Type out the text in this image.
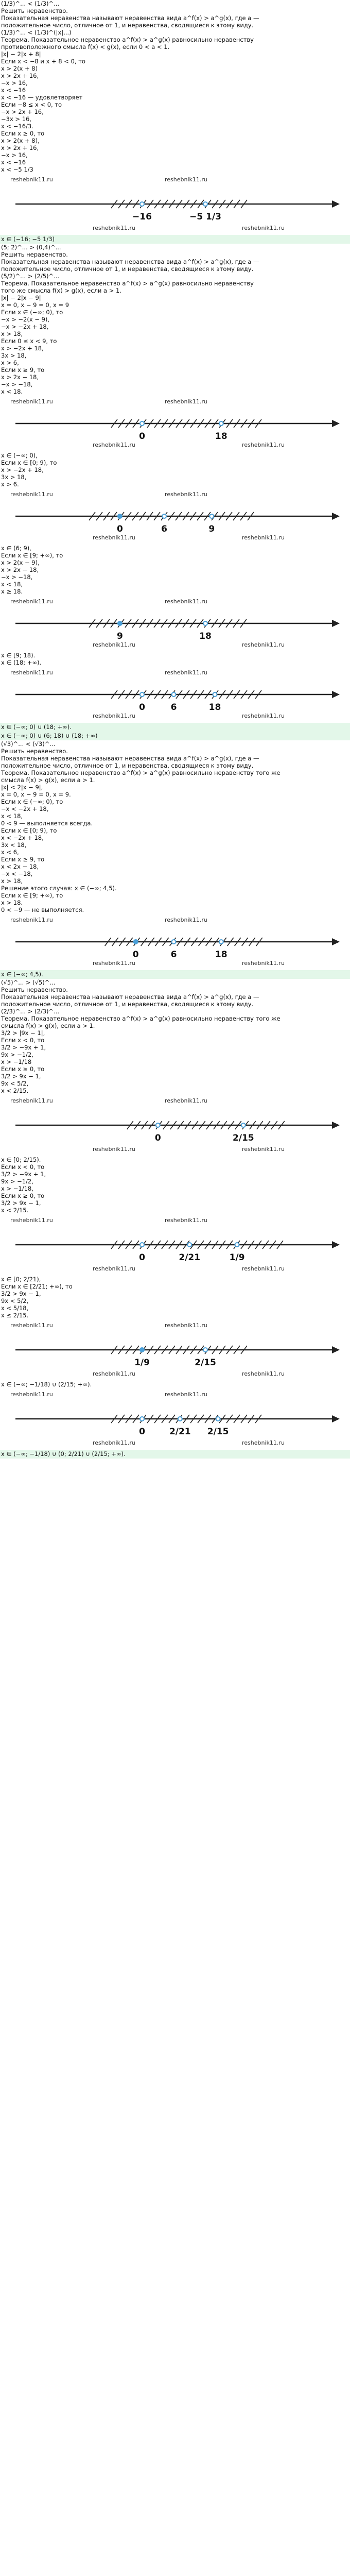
(1/3)^... < (1/3)^...
Решить неравенство.
Показательная неравенства называют неравенства вида a^f(x) > a^g(x), где a —
положительное число, отличное от 1, и неравенства, сводящиеся к этому виду.
(1/3)^... < (1/3)^(|x|...)
Теорема. Показательное неравенство a^f(x) > a^g(x) равносильно неравенству
противоположного смысла f(x) < g(x), если 0 < a < 1.
|x| − 2|x + 8|
Если x < −8 и x + 8 < 0, то
x > 2(x + 8)
x > 2x + 16,
−x > 16,
x < −16
x < −16 — удовлетворяет
Если −8 ≤ x < 0, то
−x > 2x + 16,
−3x > 16,
x < −16/3.
Если x ≥ 0, то
x > 2(x + 8),
x > 2x + 16,
−x > 16,
x < −16
x < −5 1/3
−16	−5 1/3
reshebnik11.ru	reshebnik11.ru
reshebnik11.ru	reshebnik11.ru
x ∈ (−16; −5 1/3)
(5; 2)^... > (0,4)^...
Решить неравенство.
Показательная неравенства называют неравенства вида a^f(x) > a^g(x), где a —
положительное число, отличное от 1, и неравенства, сводящиеся к этому виду.
(5/2)^... > (2/5)^...
Теорема. Показательное неравенство a^f(x) > a^g(x) равносильно неравенству
того же смысла f(x) > g(x), если a > 1.
|x| − 2|x − 9|
x = 0, x − 9 = 0, x = 9
Если x ∈ (−∞; 0), то
−x > −2(x − 9),
−x > −2x + 18,
x > 18,
Если 0 ≤ x < 9, то
x > −2x + 18,
3x > 18,
x > 6,
Если x ≥ 9, то
x > 2x − 18,
−x > −18,
x < 18.
0	18
reshebnik11.ru	reshebnik11.ru
reshebnik11.ru	reshebnik11.ru
x ∈ (−∞; 0),
Если x ∈ [0; 9), то
x > −2x + 18,
3x > 18,
x > 6.
0	6	9
reshebnik11.ru	reshebnik11.ru
reshebnik11.ru	reshebnik11.ru
x ∈ (6; 9),
Если x ∈ [9; +∞), то
x > 2(x − 9),
x > 2x − 18,
−x > −18,
x < 18,
x ≥ 18.
9	18
reshebnik11.ru	reshebnik11.ru
reshebnik11.ru	reshebnik11.ru
x ∈ [9; 18).
x ∈ (18; +∞).
0	6	18
reshebnik11.ru	reshebnik11.ru
reshebnik11.ru	reshebnik11.ru
x ∈ (−∞; 0) ∪ (18; +∞).
x ∈ (−∞; 0) ∪ (6; 18) ∪ (18; +∞)
(√3)^... < (√3)^...
Решить неравенство.
Показательная неравенства называют неравенства вида a^f(x) > a^g(x), где a —
положительное число, отличное от 1, и неравенства, сводящиеся к этому виду.
Теорема. Показательное неравенство a^f(x) > a^g(x) равносильно неравенству того же
смысла f(x) > g(x), если a > 1.
|x| < 2|x − 9|,
x = 0, x − 9 = 0, x = 9.
Если x ∈ (−∞; 0), то
−x < −2x + 18,
x < 18,
0 < 9 — выполняется всегда.
Если x ∈ [0; 9), то
x < −2x + 18,
3x < 18,
x < 6,
Если x ≥ 9, то
x < 2x − 18,
−x < −18,
x > 18,
Решение этого случая: x ∈ (−∞; 4,5).
Если x ∈ [9; +∞), то
x > 18.
0 < −9 — не выполняется.
0	6	18
reshebnik11.ru	reshebnik11.ru
reshebnik11.ru	reshebnik11.ru
x ∈ (−∞; 4,5).
(√5)^... > (√5)^...
Решить неравенство.
Показательная неравенства называют неравенства вида a^f(x) > a^g(x), где a —
положительное число, отличное от 1, и неравенства, сводящиеся к этому виду.
(2/3)^... > (2/3)^...
Теорема. Показательное неравенство a^f(x) > a^g(x) равносильно неравенству того же
смысла f(x) > g(x), если a > 1.
3/2 > |9x − 1|,
Если x < 0, то
3/2 > −9x + 1,
9x > −1/2,
x > −1/18
Если x ≥ 0, то
3/2 > 9x − 1,
9x < 5/2,
x < 2/15.
0	2/15
reshebnik11.ru	reshebnik11.ru
reshebnik11.ru	reshebnik11.ru
x ∈ [0; 2/15).
Если x < 0, то
3/2 > −9x + 1,
9x > −1/2,
x > −1/18,
Если x ≥ 0, то
3/2 > 9x − 1,
x < 2/15.
0	2/21	1/9
reshebnik11.ru	reshebnik11.ru
reshebnik11.ru	reshebnik11.ru
x ∈ [0; 2/21),
Если x ∈ [2/21; +∞), то
3/2 > 9x − 1,
9x < 5/2,
x < 5/18,
x ≤ 2/15.
1/9	2/15
reshebnik11.ru	reshebnik11.ru
reshebnik11.ru	reshebnik11.ru
x ∈ (−∞; −1/18) ∪ (2/15; +∞).
0	2/21 2/15
reshebnik11.ru	reshebnik11.ru
reshebnik11.ru	reshebnik11.ru
x ∈ (−∞; −1/18) ∪ (0; 2/21) ∪ (2/15; +∞).
